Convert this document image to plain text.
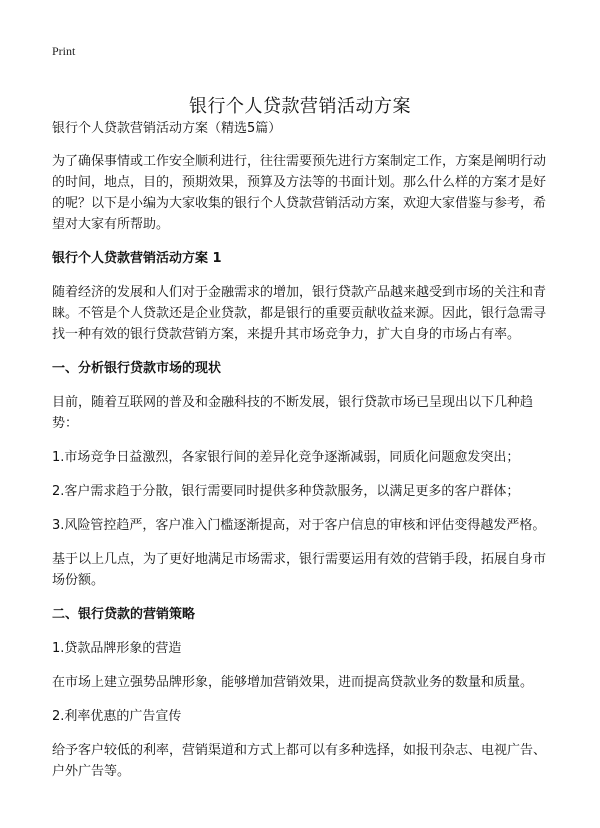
Print
银行个人贷款营销活动方案

银行个人贷款营销活动方案（精选5篇）

为了确保事情或工作安全顺利进行，往往需要预先进行方案制定工作，方案是阐明行动的时间，地点，目的，预期效果，预算及方法等的书面计划。那么什么样的方案才是好的呢？以下是小编为大家收集的银行个人贷款营销活动方案，欢迎大家借鉴与参考，希望对大家有所帮助。

银行个人贷款营销活动方案 1

随着经济的发展和人们对于金融需求的增加，银行贷款产品越来越受到市场的关注和青睐。不管是个人贷款还是企业贷款，都是银行的重要贡献收益来源。因此，银行急需寻找一种有效的银行贷款营销方案，来提升其市场竞争力，扩大自身的市场占有率。

一、分析银行贷款市场的现状

目前，随着互联网的普及和金融科技的不断发展，银行贷款市场已呈现出以下几种趋势：

1.市场竞争日益激烈，各家银行间的差异化竞争逐渐减弱，同质化问题愈发突出；

2.客户需求趋于分散，银行需要同时提供多种贷款服务，以满足更多的客户群体；

3.风险管控趋严，客户准入门槛逐渐提高，对于客户信息的审核和评估变得越发严格。

基于以上几点，为了更好地满足市场需求，银行需要运用有效的营销手段，拓展自身市场份额。

二、银行贷款的营销策略

1.贷款品牌形象的营造

在市场上建立强势品牌形象，能够增加营销效果，进而提高贷款业务的数量和质量。

2.利率优惠的广告宣传

给予客户较低的利率，营销渠道和方式上都可以有多种选择，如报刊杂志、电视广告、户外广告等。
